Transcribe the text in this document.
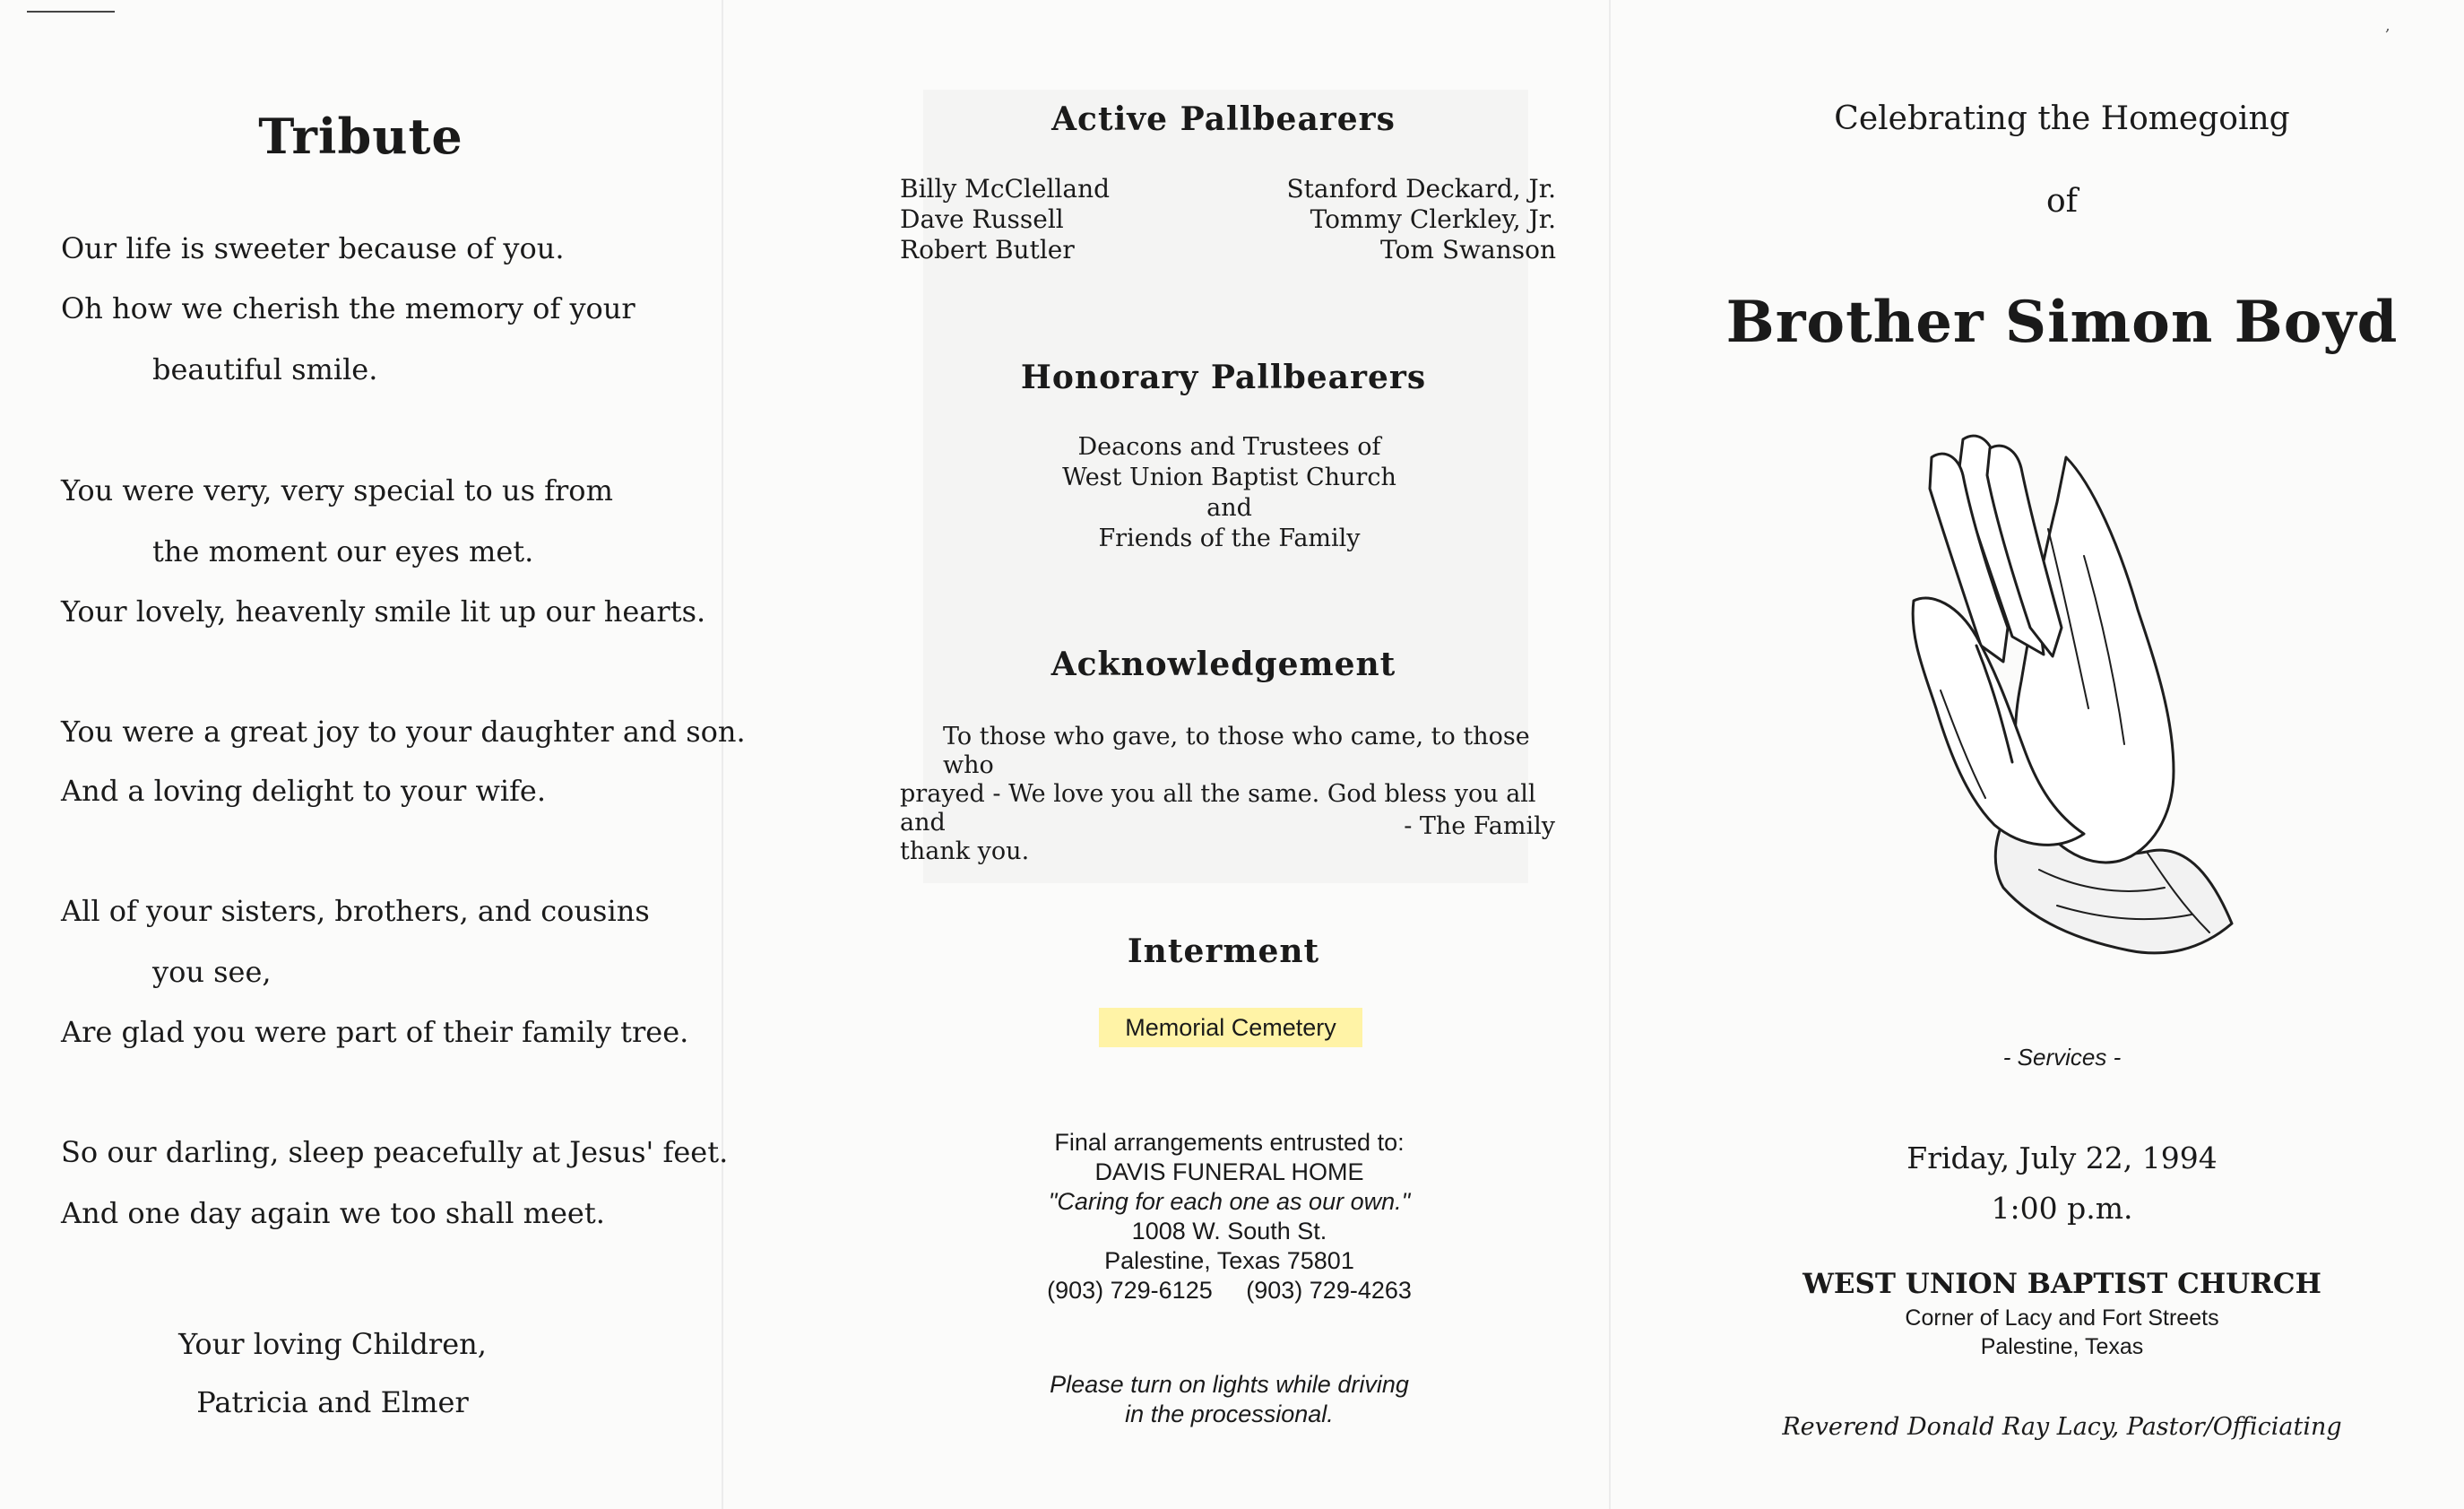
,
Tribute
Our life is sweeter because of you.
Oh how we cherish the memory of your
beautiful smile.
You were very, very special to us from
the moment our eyes met.
Your lovely, heavenly smile lit up our hearts.
You were a great joy to your daughter and son.
And a loving delight to your wife.
All of your sisters, brothers, and cousins
you see,
Are glad you were part of their family tree.
So our darling, sleep peacefully at Jesus' feet.
And one day again we too shall meet.
Your loving Children,
Patricia and Elmer
Active Pallbearers
Billy McClelland
Dave Russell
Robert Butler
Stanford Deckard, Jr.
Tommy Clerkley, Jr.
Tom Swanson
Honorary Pallbearers
Deacons and Trustees of
West Union Baptist Church
and
Friends of the Family
Acknowledgement
To those who gave, to those who came, to those who
prayed - We love you all the same. God bless you all and
thank you.
- The Family
Interment
Memorial Cemetery
Final arrangements entrusted to:
DAVIS FUNERAL HOME
"Caring for each one as our own."
1008 W. South St.
Palestine, Texas 75801
(903) 729-6125 (903) 729-4263
Please turn on lights while driving
in the processional.
Celebrating the Homegoing
of
Brother Simon Boyd
- Services -
Friday, July 22, 1994
1:00 p.m.
WEST UNION BAPTIST CHURCH
Corner of Lacy and Fort Streets
Palestine, Texas
Reverend Donald Ray Lacy, Pastor/Officiating
